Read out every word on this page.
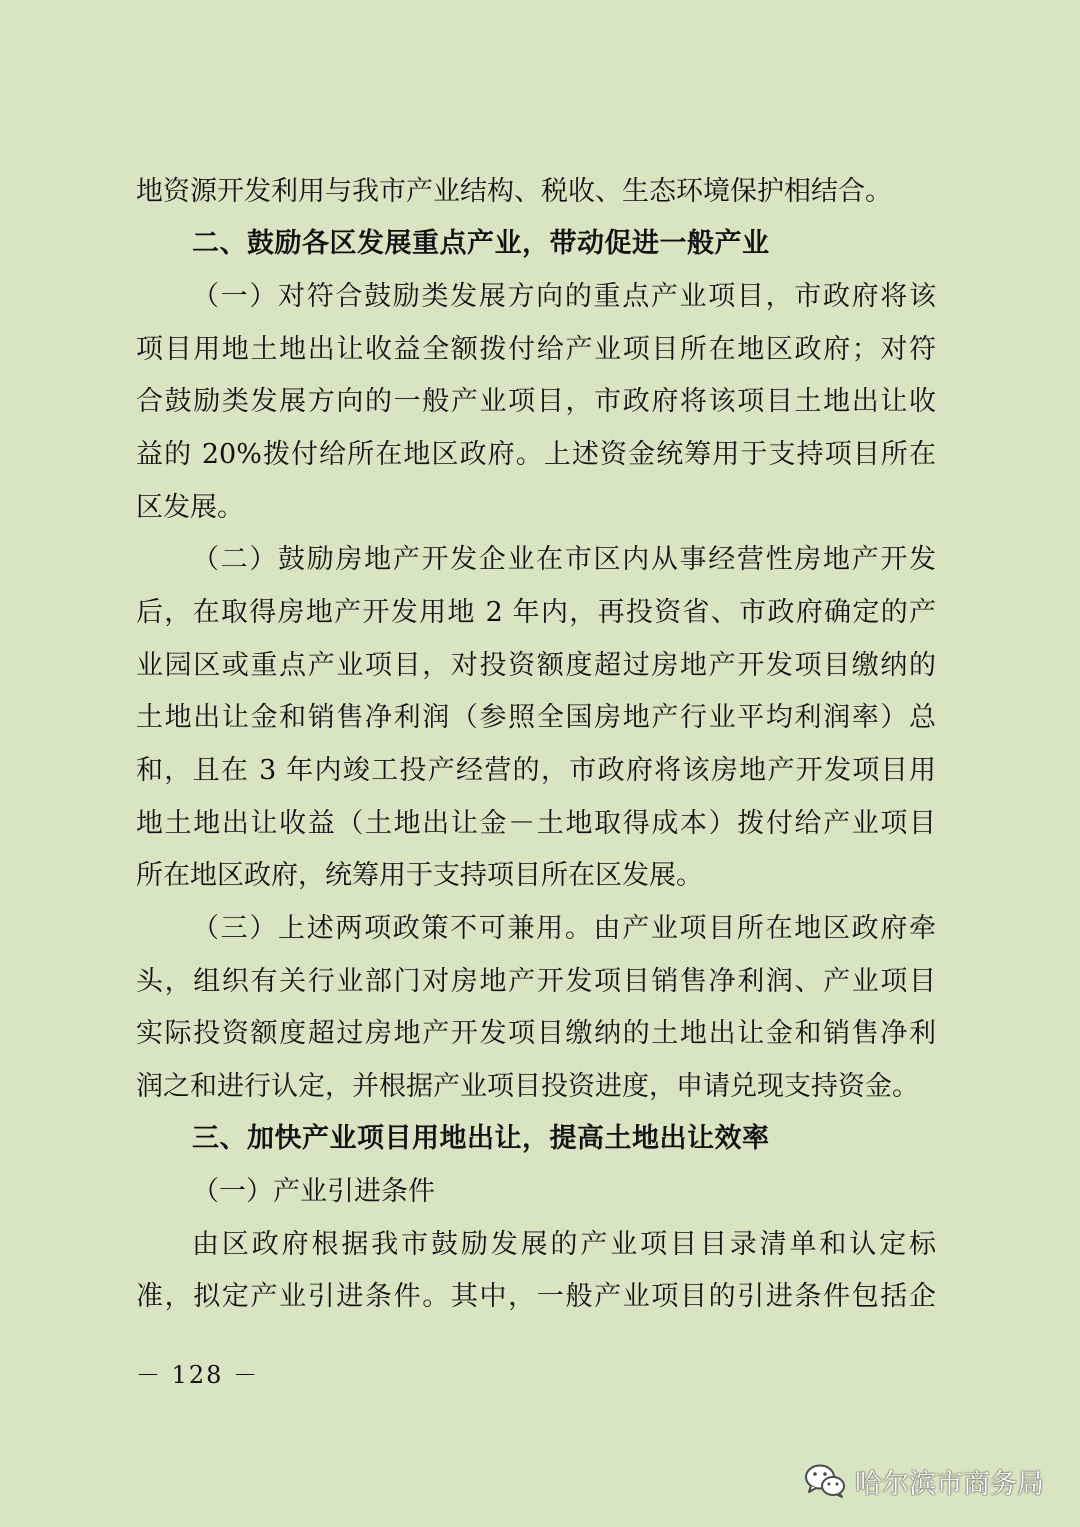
地资源开发利用与我市产业结构、税收、生态环境保护相结合。
二、鼓励各区发展重点产业，带动促进一般产业
（一）对符合鼓励类发展方向的重点产业项目，市政府将该
项目用地土地出让收益全额拨付给产业项目所在地区政府；对符
合鼓励类发展方向的一般产业项目，市政府将该项目土地出让收
益的 20%拨付给所在地区政府。上述资金统筹用于支持项目所在
区发展。
（二）鼓励房地产开发企业在市区内从事经营性房地产开发
后，在取得房地产开发用地 2 年内，再投资省、市政府确定的产
业园区或重点产业项目，对投资额度超过房地产开发项目缴纳的
土地出让金和销售净利润（参照全国房地产行业平均利润率）总
和，且在 3 年内竣工投产经营的，市政府将该房地产开发项目用
地土地出让收益（土地出让金－土地取得成本）拨付给产业项目
所在地区政府，统筹用于支持项目所在区发展。
（三）上述两项政策不可兼用。由产业项目所在地区政府牵
头，组织有关行业部门对房地产开发项目销售净利润、产业项目
实际投资额度超过房地产开发项目缴纳的土地出让金和销售净利
润之和进行认定，并根据产业项目投资进度，申请兑现支持资金。
三、加快产业项目用地出让，提高土地出让效率
（一）产业引进条件
由区政府根据我市鼓励发展的产业项目目录清单和认定标
准，拟定产业引进条件。其中，一般产业项目的引进条件包括企
－ 128 －
哈尔滨市商务局
